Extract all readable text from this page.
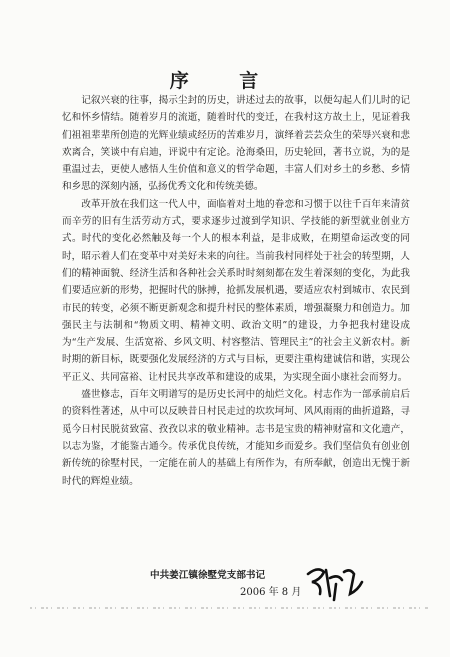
序 言

记叙兴衰的往事，揭示尘封的历史，讲述过去的故事，以便勾起人们儿时的记忆和怀乡情结。随着岁月的流逝，随着时代的变迁，在我村这方故土上，见证着我们祖祖辈辈所创造的光辉业绩或经历的苦难岁月，演绎着芸芸众生的荣辱兴衰和悲欢离合，笑谈中有启迪，评说中有定论。沧海桑田，历史轮回，著书立说，为的是重温过去，更使人感悟人生价值和意义的哲学命题，丰富人们对乡土的乡愁、乡情和乡思的深刻内涵，弘扬优秀文化和传统美德。

改革开放在我们这一代人中，面临着对土地的眷恋和习惯于以往千百年来清贫而辛劳的旧有生活劳动方式，要求逐步过渡到学知识、学技能的新型就业创业方式。时代的变化必然触及每一个人的根本利益，是非成败，在期望命运改变的同时，昭示着人们在变革中对美好未来的向往。当前我村同样处于社会的转型期，人们的精神面貌、经济生活和各种社会关系时时刻刻都在发生着深刻的变化，为此我们要适应新的形势，把握时代的脉搏，抢抓发展机遇，要适应农村到城市、农民到市民的转变，必须不断更新观念和提升村民的整体素质，增强凝聚力和创造力。加强民主与法制和“物质文明、精神文明、政治文明”的建设，力争把我村建设成为“生产发展、生活宽裕、乡风文明、村容整洁、管理民主”的社会主义新农村。新时期的新目标，既要强化发展经济的方式与目标，更要注重构建诚信和谐，实现公平正义、共同富裕、让村民共享改革和建设的成果，为实现全面小康社会而努力。

盛世修志，百年文明谱写的是历史长河中的灿烂文化。村志作为一部承前启后的资料性著述，从中可以反映昔日村民走过的坎坎坷坷、风风雨雨的曲折道路，寻觅今日村民脱贫致富、孜孜以求的敬业精神。志书是宝贵的精神财富和文化遗产，以志为鉴，才能鉴古通今。传承优良传统，才能知乡而爱乡。我们坚信负有创业创新传统的徐墅村民，一定能在前人的基础上有所作为，有所奉献，创造出无愧于新时代的辉煌业绩。

中共姜江镇徐墅党支部书记
2006 年 8 月
